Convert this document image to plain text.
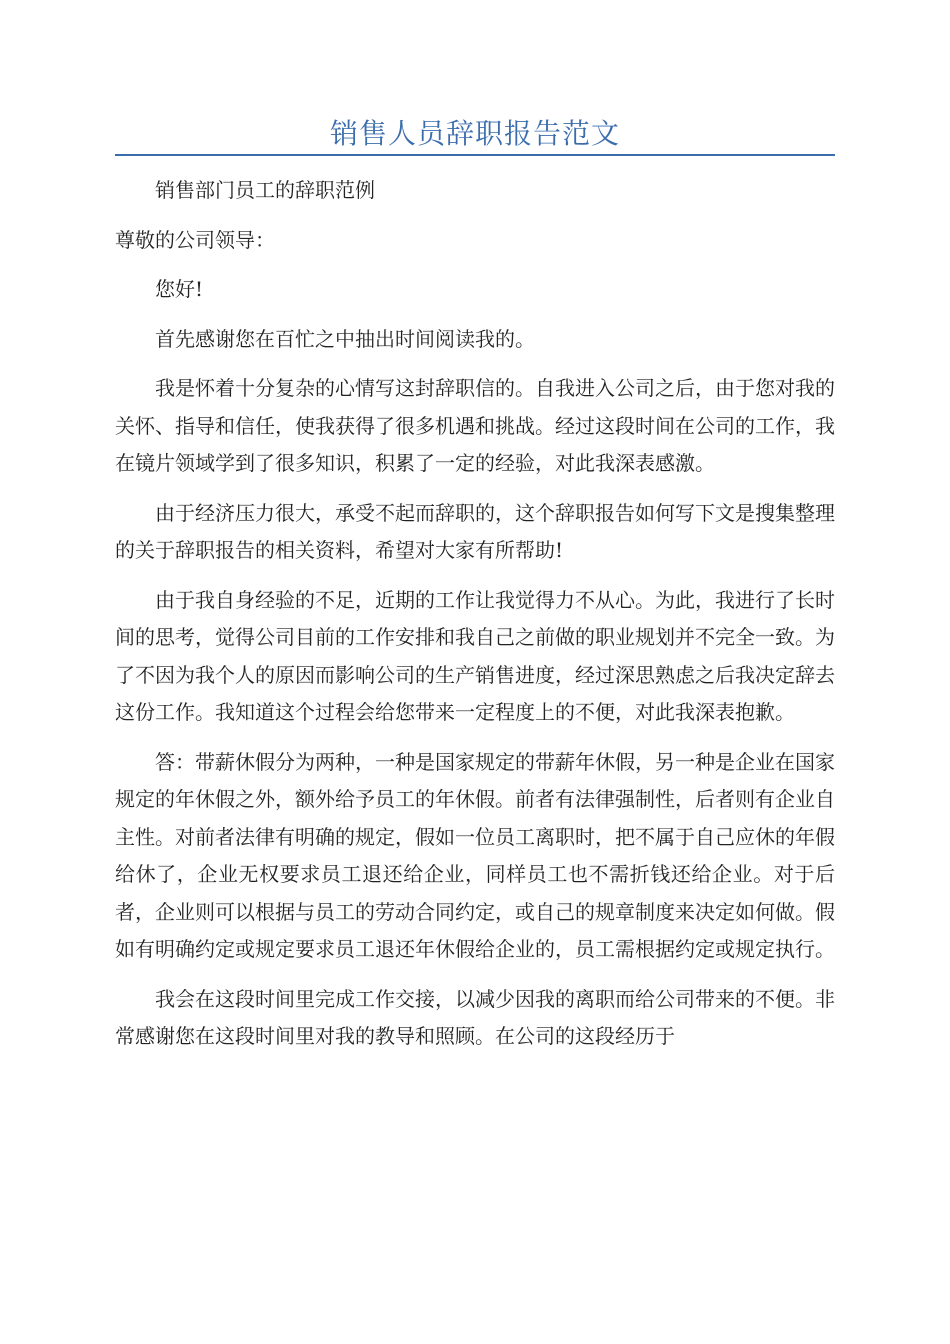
销售人员辞职报告范文

销售部门员工的辞职范例

尊敬的公司领导：

您好!

首先感谢您在百忙之中抽出时间阅读我的。

我是怀着十分复杂的心情写这封辞职信的。自我进入公司之后，由于您对我的关怀、指导和信任，使我获得了很多机遇和挑战。经过这段时间在公司的工作，我在镜片领域学到了很多知识，积累了一定的经验，对此我深表感激。

由于经济压力很大，承受不起而辞职的，这个辞职报告如何写下文是搜集整理的关于辞职报告的相关资料，希望对大家有所帮助!

由于我自身经验的不足，近期的工作让我觉得力不从心。为此，我进行了长时间的思考，觉得公司目前的工作安排和我自己之前做的职业规划并不完全一致。为了不因为我个人的原因而影响公司的生产销售进度，经过深思熟虑之后我决定辞去这份工作。我知道这个过程会给您带来一定程度上的不便，对此我深表抱歉。

答：带薪休假分为两种，一种是国家规定的带薪年休假，另一种是企业在国家规定的年休假之外，额外给予员工的年休假。前者有法律强制性，后者则有企业自主性。对前者法律有明确的规定，假如一位员工离职时，把不属于自己应休的年假给休了，企业无权要求员工退还给企业，同样员工也不需折钱还给企业。对于后者，企业则可以根据与员工的劳动合同约定，或自己的规章制度来决定如何做。假如有明确约定或规定要求员工退还年休假给企业的，员工需根据约定或规定执行。

我会在这段时间里完成工作交接，以减少因我的离职而给公司带来的不便。非常感谢您在这段时间里对我的教导和照顾。在公司的这段经历于
